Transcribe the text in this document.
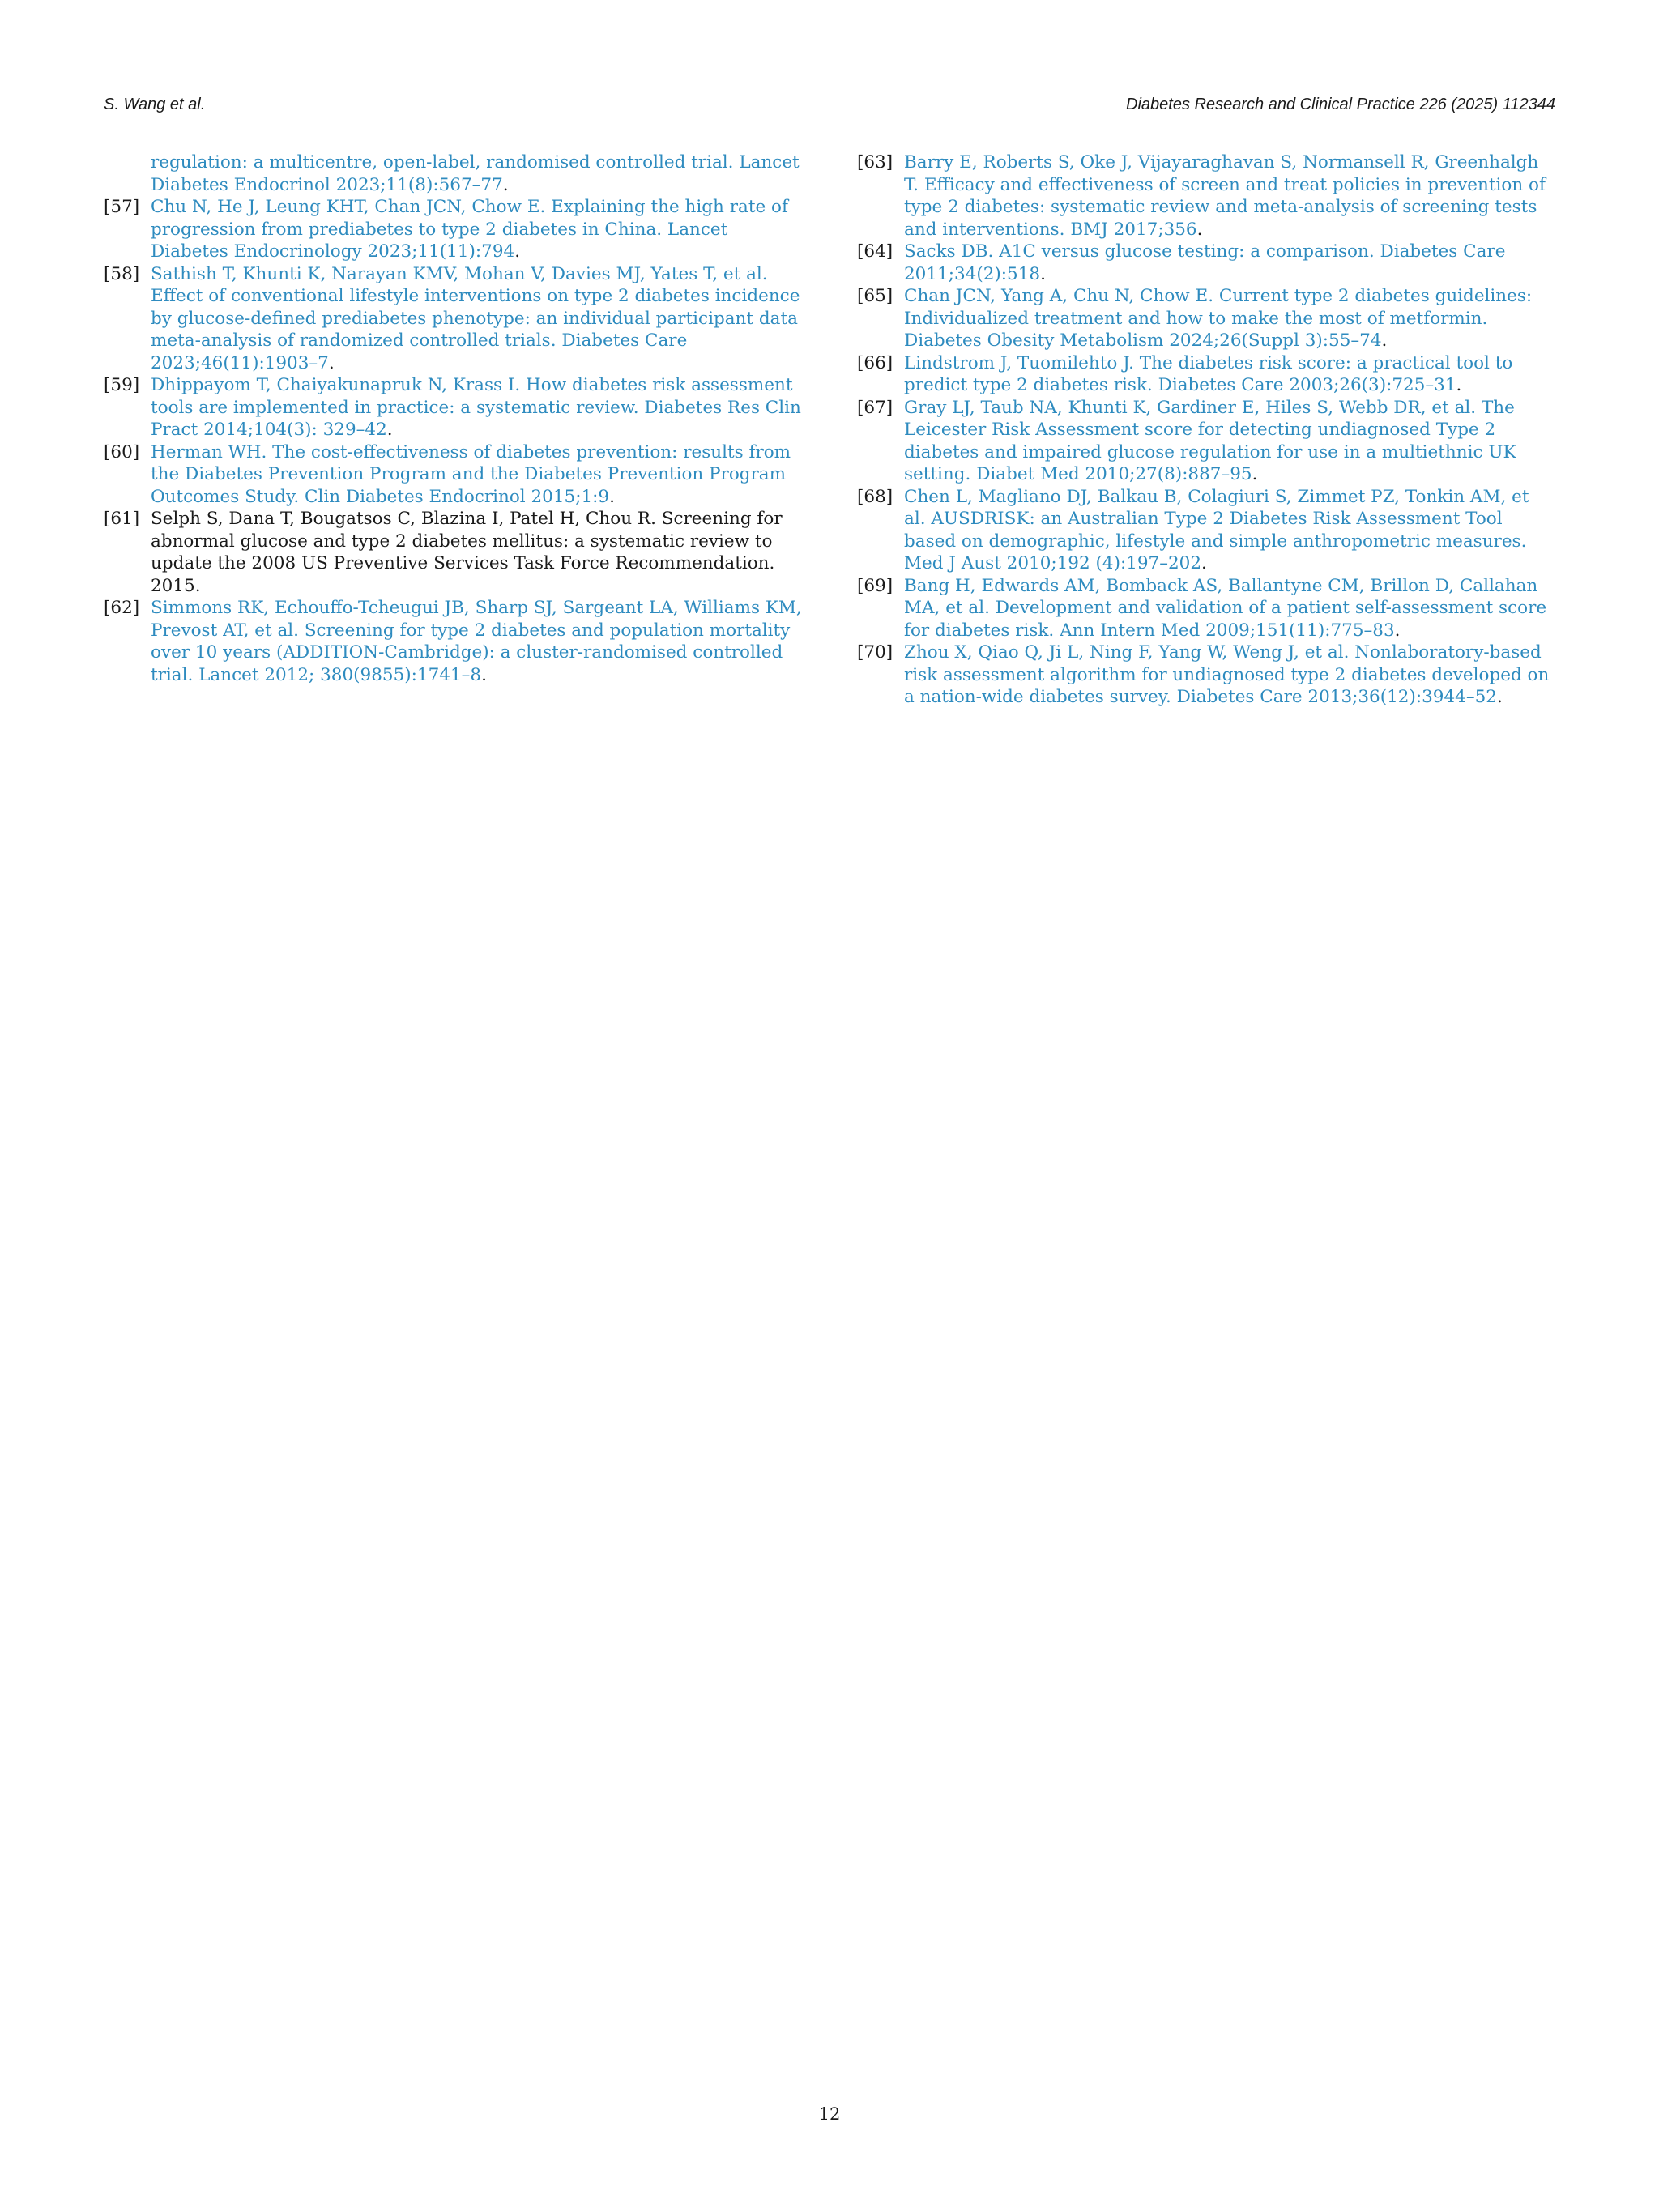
S. Wang et al.	Diabetes Research and Clinical Practice 226 (2025) 112344
regulation: a multicentre, open-label, randomised controlled trial. Lancet Diabetes Endocrinol 2023;11(8):567–77.
[57] Chu N, He J, Leung KHT, Chan JCN, Chow E. Explaining the high rate of progression from prediabetes to type 2 diabetes in China. Lancet Diabetes Endocrinology 2023;11(11):794.
[58] Sathish T, Khunti K, Narayan KMV, Mohan V, Davies MJ, Yates T, et al. Effect of conventional lifestyle interventions on type 2 diabetes incidence by glucose-defined prediabetes phenotype: an individual participant data meta-analysis of randomized controlled trials. Diabetes Care 2023;46(11):1903–7.
[59] Dhippayom T, Chaiyakunapruk N, Krass I. How diabetes risk assessment tools are implemented in practice: a systematic review. Diabetes Res Clin Pract 2014;104(3): 329–42.
[60] Herman WH. The cost-effectiveness of diabetes prevention: results from the Diabetes Prevention Program and the Diabetes Prevention Program Outcomes Study. Clin Diabetes Endocrinol 2015;1:9.
[61] Selph S, Dana T, Bougatsos C, Blazina I, Patel H, Chou R. Screening for abnormal glucose and type 2 diabetes mellitus: a systematic review to update the 2008 US Preventive Services Task Force Recommendation. 2015.
[62] Simmons RK, Echouffo-Tcheugui JB, Sharp SJ, Sargeant LA, Williams KM, Prevost AT, et al. Screening for type 2 diabetes and population mortality over 10 years (ADDITION-Cambridge): a cluster-randomised controlled trial. Lancet 2012; 380(9855):1741–8.
[63] Barry E, Roberts S, Oke J, Vijayaraghavan S, Normansell R, Greenhalgh T. Efficacy and effectiveness of screen and treat policies in prevention of type 2 diabetes: systematic review and meta-analysis of screening tests and interventions. BMJ 2017;356.
[64] Sacks DB. A1C versus glucose testing: a comparison. Diabetes Care 2011;34(2):518.
[65] Chan JCN, Yang A, Chu N, Chow E. Current type 2 diabetes guidelines: Individualized treatment and how to make the most of metformin. Diabetes Obesity Metabolism 2024;26(Suppl 3):55–74.
[66] Lindstrom J, Tuomilehto J. The diabetes risk score: a practical tool to predict type 2 diabetes risk. Diabetes Care 2003;26(3):725–31.
[67] Gray LJ, Taub NA, Khunti K, Gardiner E, Hiles S, Webb DR, et al. The Leicester Risk Assessment score for detecting undiagnosed Type 2 diabetes and impaired glucose regulation for use in a multiethnic UK setting. Diabet Med 2010;27(8):887–95.
[68] Chen L, Magliano DJ, Balkau B, Colagiuri S, Zimmet PZ, Tonkin AM, et al. AUSDRISK: an Australian Type 2 Diabetes Risk Assessment Tool based on demographic, lifestyle and simple anthropometric measures. Med J Aust 2010;192 (4):197–202.
[69] Bang H, Edwards AM, Bomback AS, Ballantyne CM, Brillon D, Callahan MA, et al. Development and validation of a patient self-assessment score for diabetes risk. Ann Intern Med 2009;151(11):775–83.
[70] Zhou X, Qiao Q, Ji L, Ning F, Yang W, Weng J, et al. Nonlaboratory-based risk assessment algorithm for undiagnosed type 2 diabetes developed on a nation-wide diabetes survey. Diabetes Care 2013;36(12):3944–52.
12
